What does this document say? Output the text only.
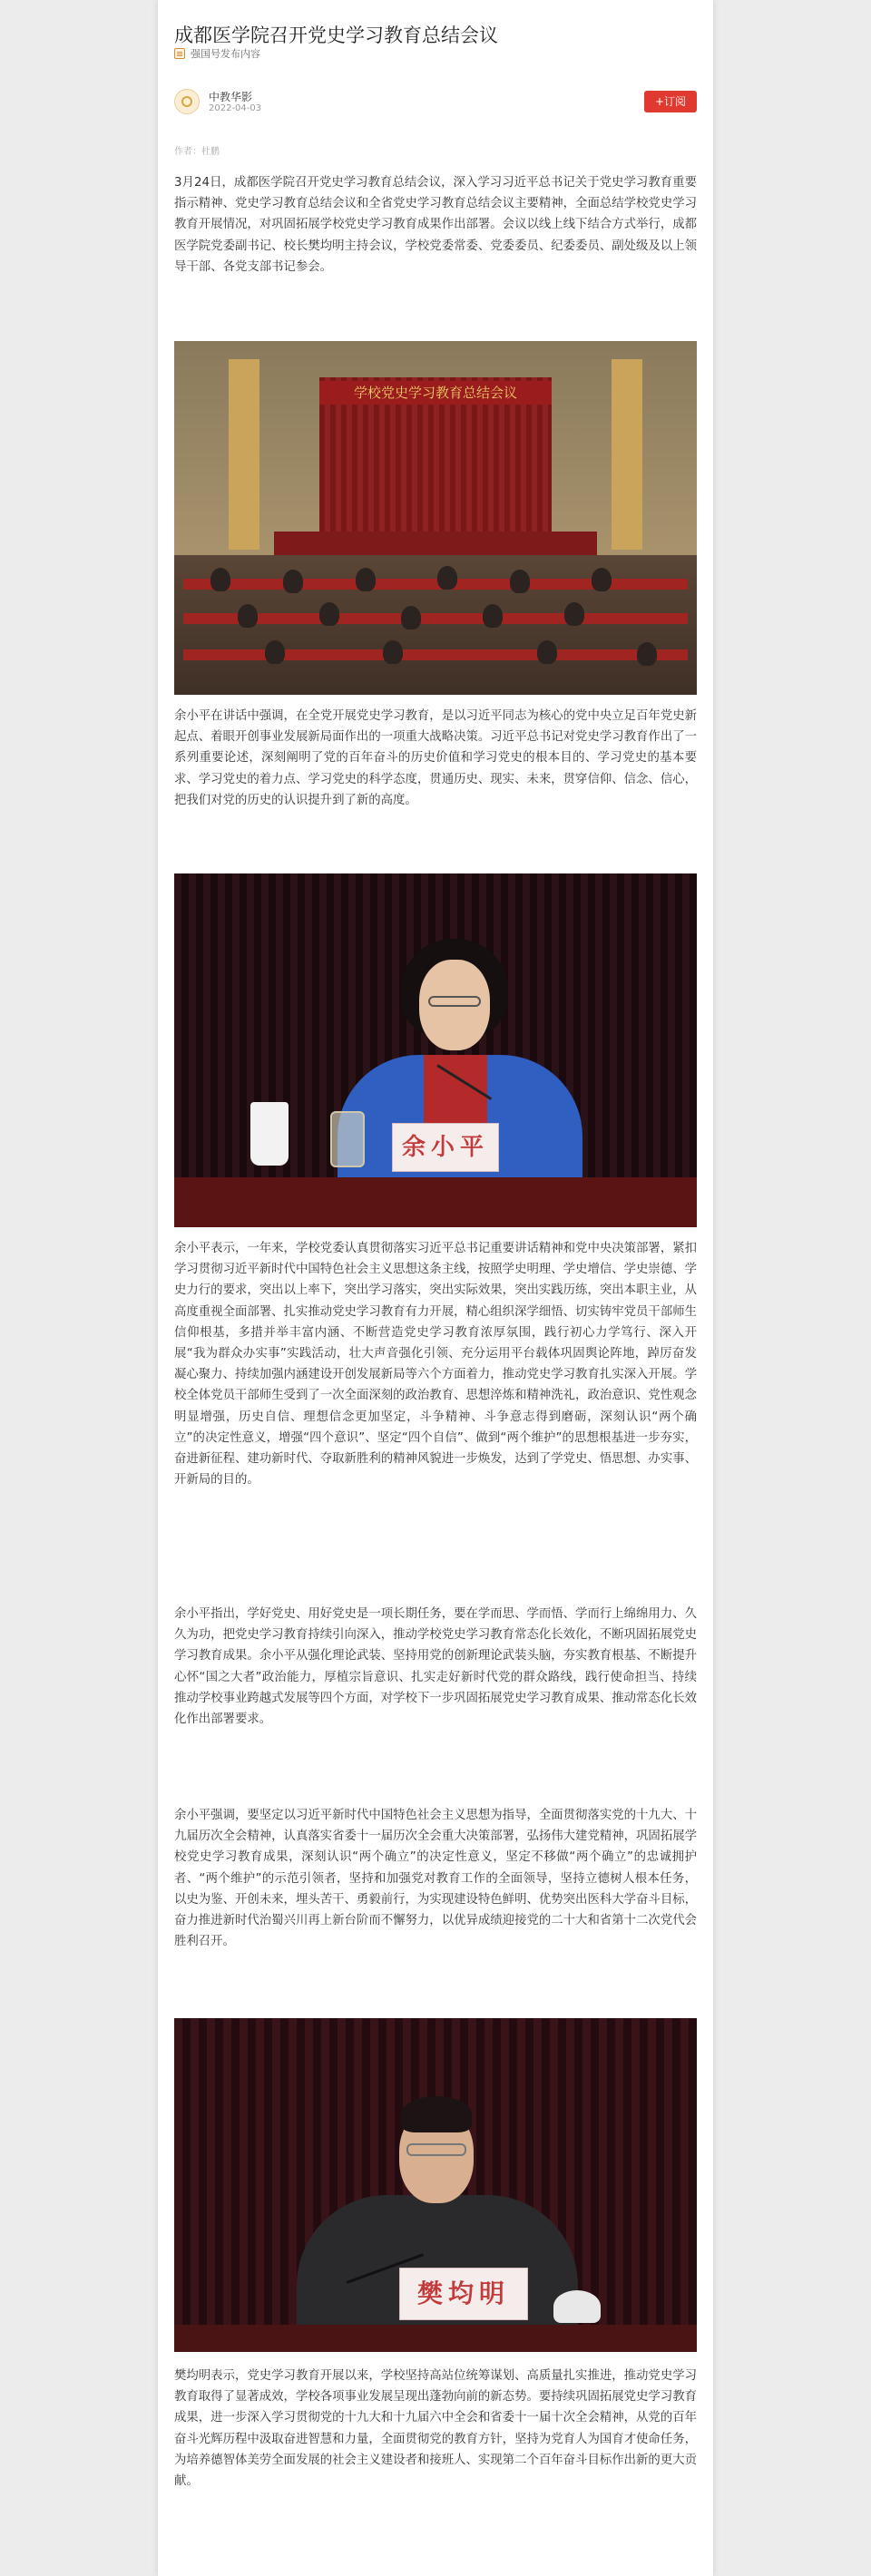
成都医学院召开党史学习教育总结会议
强国号发布内容
中教华影
2022-04-03
+订阅
作者：杜鹏

3月24日，成都医学院召开党史学习教育总结会议，深入学习习近平总书记关于党史学习教育重要指示精神、党史学习教育总结会议和全省党史学习教育总结会议主要精神，全面总结学校党史学习教育开展情况，对巩固拓展学校党史学习教育成果作出部署。会议以线上线下结合方式举行，成都医学院党委副书记、校长樊均明主持会议，学校党委常委、党委委员、纪委委员、副处级及以上领导干部、各党支部书记参会。

学校党史学习教育总结会议

余小平在讲话中强调，在全党开展党史学习教育，是以习近平同志为核心的党中央立足百年党史新起点、着眼开创事业发展新局面作出的一项重大战略决策。习近平总书记对党史学习教育作出了一系列重要论述，深刻阐明了党的百年奋斗的历史价值和学习党史的根本目的、学习党史的基本要求、学习党史的着力点、学习党史的科学态度，贯通历史、现实、未来，贯穿信仰、信念、信心，把我们对党的历史的认识提升到了新的高度。

余小平

余小平表示，一年来，学校党委认真贯彻落实习近平总书记重要讲话精神和党中央决策部署，紧扣学习贯彻习近平新时代中国特色社会主义思想这条主线，按照学史明理、学史增信、学史崇德、学史力行的要求，突出以上率下，突出学习落实，突出实际效果，突出实践历练，突出本职主业，从高度重视全面部署、扎实推动党史学习教育有力开展，精心组织深学细悟、切实铸牢党员干部师生信仰根基，多措并举丰富内涵、不断营造党史学习教育浓厚氛围，践行初心力学笃行、深入开展“我为群众办实事”实践活动，壮大声音强化引领、充分运用平台载体巩固舆论阵地，踔厉奋发凝心聚力、持续加强内涵建设开创发展新局等六个方面着力，推动党史学习教育扎实深入开展。学校全体党员干部师生受到了一次全面深刻的政治教育、思想淬炼和精神洗礼，政治意识、党性观念明显增强，历史自信、理想信念更加坚定，斗争精神、斗争意志得到磨砺，深刻认识“两个确立”的决定性意义，增强“四个意识”、坚定“四个自信”、做到“两个维护”的思想根基进一步夯实，奋进新征程、建功新时代、夺取新胜利的精神风貌进一步焕发，达到了学党史、悟思想、办实事、开新局的目的。

余小平指出，学好党史、用好党史是一项长期任务，要在学而思、学而悟、学而行上绵绵用力、久久为功，把党史学习教育持续引向深入，推动学校党史学习教育常态化长效化，不断巩固拓展党史学习教育成果。余小平从强化理论武装、坚持用党的创新理论武装头脑，夯实教育根基、不断提升心怀“国之大者”政治能力，厚植宗旨意识、扎实走好新时代党的群众路线，践行使命担当、持续推动学校事业跨越式发展等四个方面，对学校下一步巩固拓展党史学习教育成果、推动常态化长效化作出部署要求。

余小平强调，要坚定以习近平新时代中国特色社会主义思想为指导，全面贯彻落实党的十九大、十九届历次全会精神，认真落实省委十一届历次全会重大决策部署，弘扬伟大建党精神，巩固拓展学校党史学习教育成果，深刻认识“两个确立”的决定性意义，坚定不移做“两个确立”的忠诚拥护者、“两个维护”的示范引领者，坚持和加强党对教育工作的全面领导，坚持立德树人根本任务，以史为鉴、开创未来，埋头苦干、勇毅前行，为实现建设特色鲜明、优势突出医科大学奋斗目标，奋力推进新时代治蜀兴川再上新台阶而不懈努力，以优异成绩迎接党的二十大和省第十二次党代会胜利召开。

樊均明

樊均明表示，党史学习教育开展以来，学校坚持高站位统筹谋划、高质量扎实推进，推动党史学习教育取得了显著成效，学校各项事业发展呈现出蓬勃向前的新态势。要持续巩固拓展党史学习教育成果，进一步深入学习贯彻党的十九大和十九届六中全会和省委十一届十次全会精神，从党的百年奋斗光辉历程中汲取奋进智慧和力量，全面贯彻党的教育方针，坚持为党育人为国育才使命任务，为培养德智体美劳全面发展的社会主义建设者和接班人、实现第二个百年奋斗目标作出新的更大贡献。
